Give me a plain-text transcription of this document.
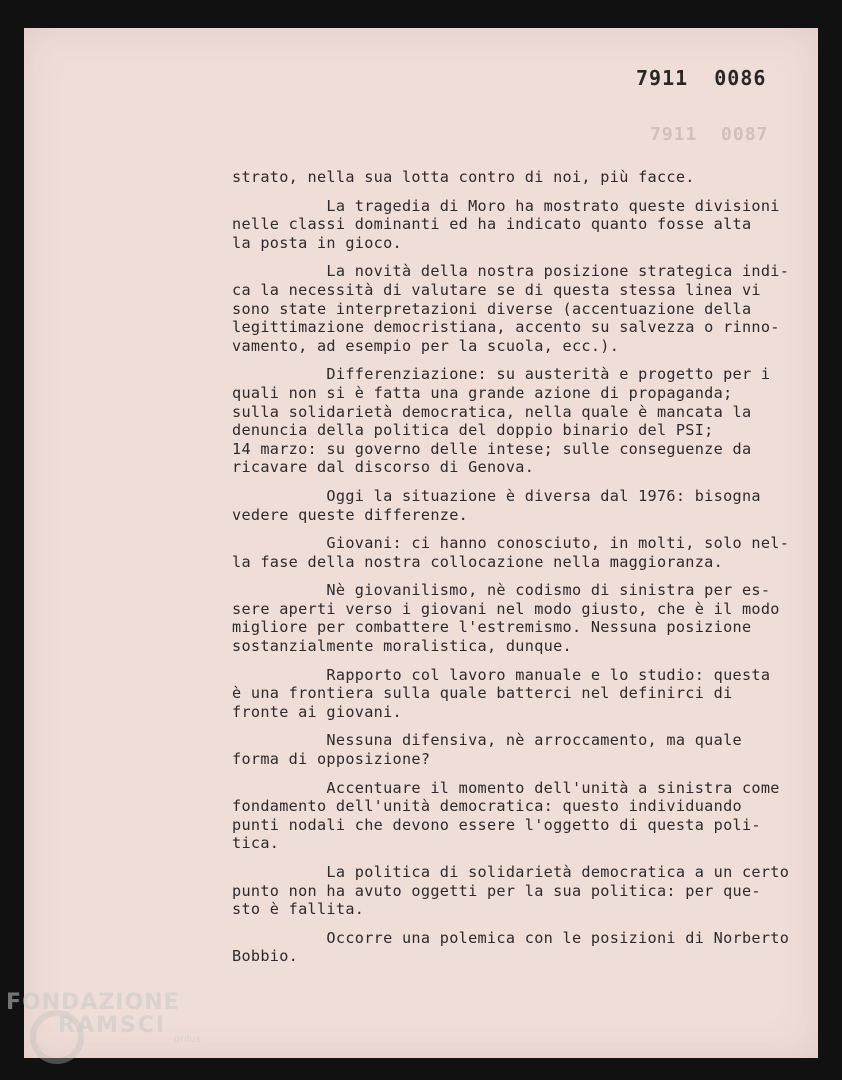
7911  0086
7911  0087

strato, nella sua lotta contro di noi, più facce.

La tragedia di Moro ha mostrato queste divisioni
nelle classi dominanti ed ha indicato quanto fosse alta
la posta in gioco.

La novità della nostra posizione strategica indi-
ca la necessità di valutare se di questa stessa linea vi
sono state interpretazioni diverse (accentuazione della
legittimazione democristiana, accento su salvezza o rinno-
vamento, ad esempio per la scuola, ecc.).

Differenziazione: su austerità e progetto per i
quali non si è fatta una grande azione di propaganda;
sulla solidarietà democratica, nella quale è mancata la
denuncia della politica del doppio binario del PSI;
14 marzo: su governo delle intese; sulle conseguenze da
ricavare dal discorso di Genova.

Oggi la situazione è diversa dal 1976: bisogna
vedere queste differenze.

Giovani: ci hanno conosciuto, in molti, solo nel-
la fase della nostra collocazione nella maggioranza.

Nè giovanilismo, nè codismo di sinistra per es-
sere aperti verso i giovani nel modo giusto, che è il modo
migliore per combattere l'estremismo. Nessuna posizione
sostanzialmente moralistica, dunque.

Rapporto col lavoro manuale e lo studio: questa
è una frontiera sulla quale batterci nel definirci di
fronte ai giovani.

Nessuna difensiva, nè arroccamento, ma quale
forma di opposizione?

Accentuare il momento dell'unità a sinistra come
fondamento dell'unità democratica: questo individuando
punti nodali che devono essere l'oggetto di questa poli-
tica.

La politica di solidarietà democratica a un certo
punto non ha avuto oggetti per la sua politica: per que-
sto è fallita.

Occorre una polemica con le posizioni di Norberto
Bobbio.

FONDAZIONE
RAMSCI
onlus
